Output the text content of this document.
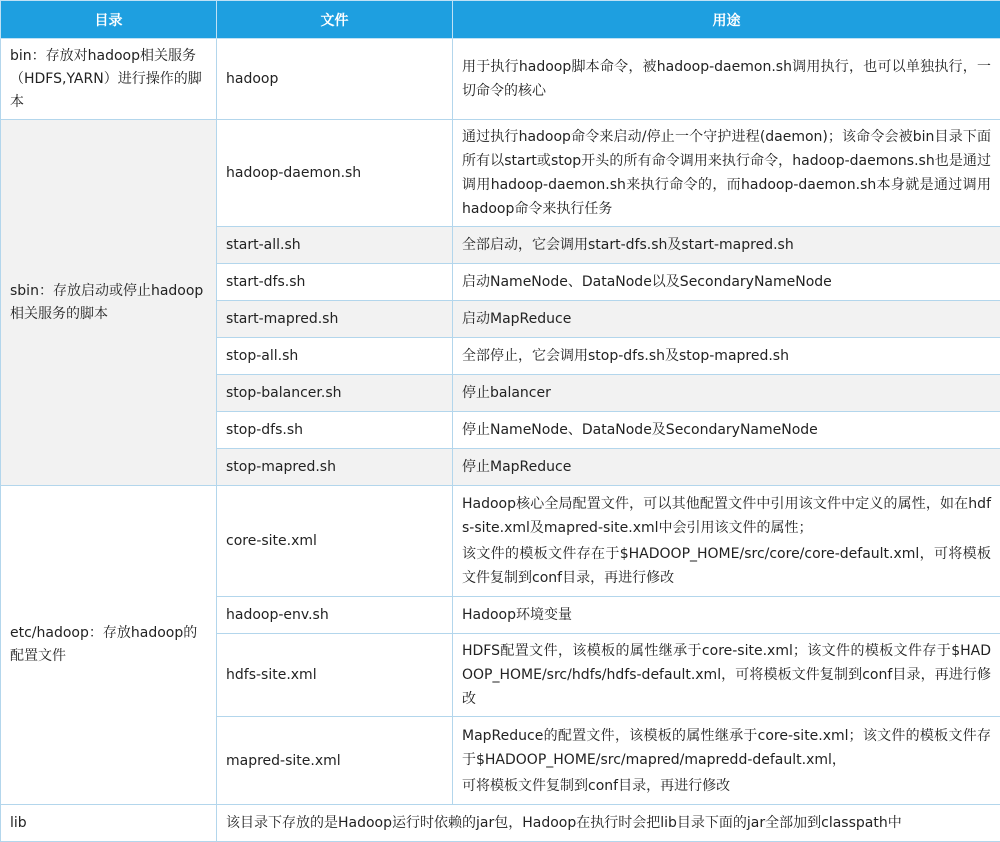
目录	文件	用途
bin：存放对hadoop相关服务（HDFS,YARN）进行操作的脚本	hadoop	用于执行hadoop脚本命令，被hadoop-daemon.sh调用执行，也可以单独执行，一切命令的核心

sbin：存放启动或停止hadoop相关服务的脚本	hadoop-daemon.sh	通过执行hadoop命令来启动/停止一个守护进程(daemon)；该命令会被bin目录下面所有以start或stop开头的所有命令调用来执行命令，hadoop-daemons.sh也是通过调用hadoop-daemon.sh来执行命令的，而hadoop-daemon.sh本身就是通过调用hadoop命令来执行任务

	start-all.sh	全部启动，它会调用start-dfs.sh及start-mapred.sh

	start-dfs.sh	启动NameNode、DataNode以及SecondaryNameNode

	start-mapred.sh	启动MapReduce

	stop-all.sh	全部停止，它会调用stop-dfs.sh及stop-mapred.sh

	stop-balancer.sh	停止balancer

	stop-dfs.sh	停止NameNode、DataNode及SecondaryNameNode

	stop-mapred.sh	停止MapReduce

etc/hadoop：存放hadoop的配置文件	core-site.xml	Hadoop核心全局配置文件，可以其他配置文件中引用该文件中定义的属性，如在hdfs-site.xml及mapred-site.xml中会引用该文件的属性；

该文件的模板文件存在于$HADOOP_HOME/src/core/core-default.xml，可将模板文件复制到conf目录，再进行修改

	hadoop-env.sh	Hadoop环境变量

	hdfs-site.xml	HDFS配置文件，该模板的属性继承于core-site.xml；该文件的模板文件存于$HADOOP_HOME/src/hdfs/hdfs-default.xml，可将模板文件复制到conf目录，再进行修改

	mapred-site.xml	MapReduce的配置文件，该模板的属性继承于core-site.xml；该文件的模板文件存于$HADOOP_HOME/src/mapred/mapredd-default.xml，

可将模板文件复制到conf目录，再进行修改

lib	该目录下存放的是Hadoop运行时依赖的jar包，Hadoop在执行时会把lib目录下面的jar全部加到classpath中	
